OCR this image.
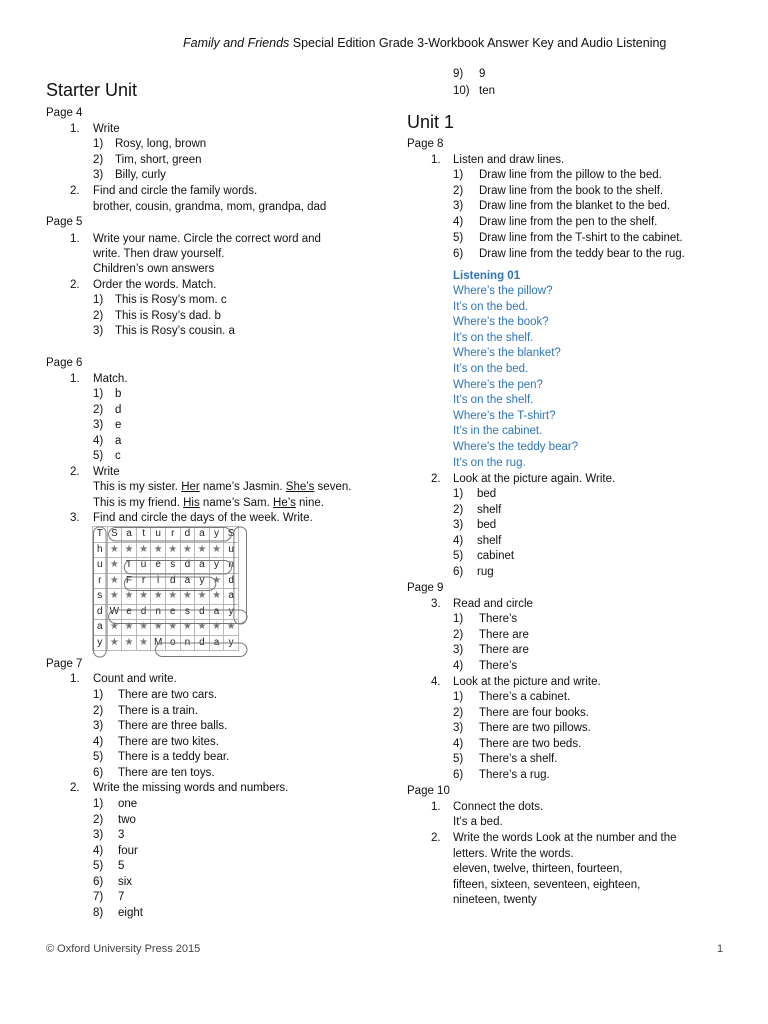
Family and Friends Special Edition Grade 3-Workbook Answer Key and Audio Listening
Starter Unit
Page 4
1. Write
1) Rosy, long, brown
2) Tim, short, green
3) Billy, curly
2. Find and circle the family words.
brother, cousin, grandma, mom, grandpa, dad
Page 5
1. Write your name. Circle the correct word and
write. Then draw yourself.
Children’s own answers
2. Order the words. Match.
1) This is Rosy’s mom. c
2) This is Rosy’s dad. b
3) This is Rosy’s cousin. a
Page 6
1. Match.
1) b
2) d
3) e
4) a
5) c
2. Write
This is my sister. Her name’s Jasmin. She’s seven.
This is my friend. His name’s Sam. He’s nine.
3. Find and circle the days of the week. Write.
T	S	a	t	u	r	d	a	y	S
h	★	★	★	★	★	★	★	★	u
u	★	T	u	e	s	d	a	y	n
r	★	F	r	i	d	a	y	★	d
s	★	★	★	★	★	★	★	★	a
d	W	e	d	n	e	s	d	a	y
a	★	★	★	★	★	★	★	★	★
y	★	★	★	M	o	n	d	a	y
Page 7
1. Count and write.
1) There are two cars.
2) There is a train.
3) There are three balls.
4) There are two kites.
5) There is a teddy bear.
6) There are ten toys.
2. Write the missing words and numbers.
1) one
2) two
3) 3
4) four
5) 5
6) six
7) 7
8) eight
9) 9
10) ten
Unit 1
Page 8
1. Listen and draw lines.
1) Draw line from the pillow to the bed.
2) Draw line from the book to the shelf.
3) Draw line from the blanket to the bed.
4) Draw line from the pen to the shelf.
5) Draw line from the T-shirt to the cabinet.
6) Draw line from the teddy bear to the rug.
Listening 01
Where’s the pillow?
It’s on the bed.
Where’s the book?
It’s on the shelf.
Where’s the blanket?
It’s on the bed.
Where’s the pen?
It’s on the shelf.
Where’s the T-shirt?
It’s in the cabinet.
Where’s the teddy bear?
It’s on the rug.
2. Look at the picture again. Write.
1) bed
2) shelf
3) bed
4) shelf
5) cabinet
6) rug
Page 9
3. Read and circle
1) There’s
2) There are
3) There are
4) There’s
4. Look at the picture and write.
1) There’s a cabinet.
2) There are four books.
3) There are two pillows.
4) There are two beds.
5) There’s a shelf.
6) There’s a rug.
Page 10
1. Connect the dots.
It’s a bed.
2. Write the words Look at the number and the
letters. Write the words.
eleven, twelve, thirteen, fourteen,
fifteen, sixteen, seventeen, eighteen,
nineteen, twenty
© Oxford University Press 2015	1
